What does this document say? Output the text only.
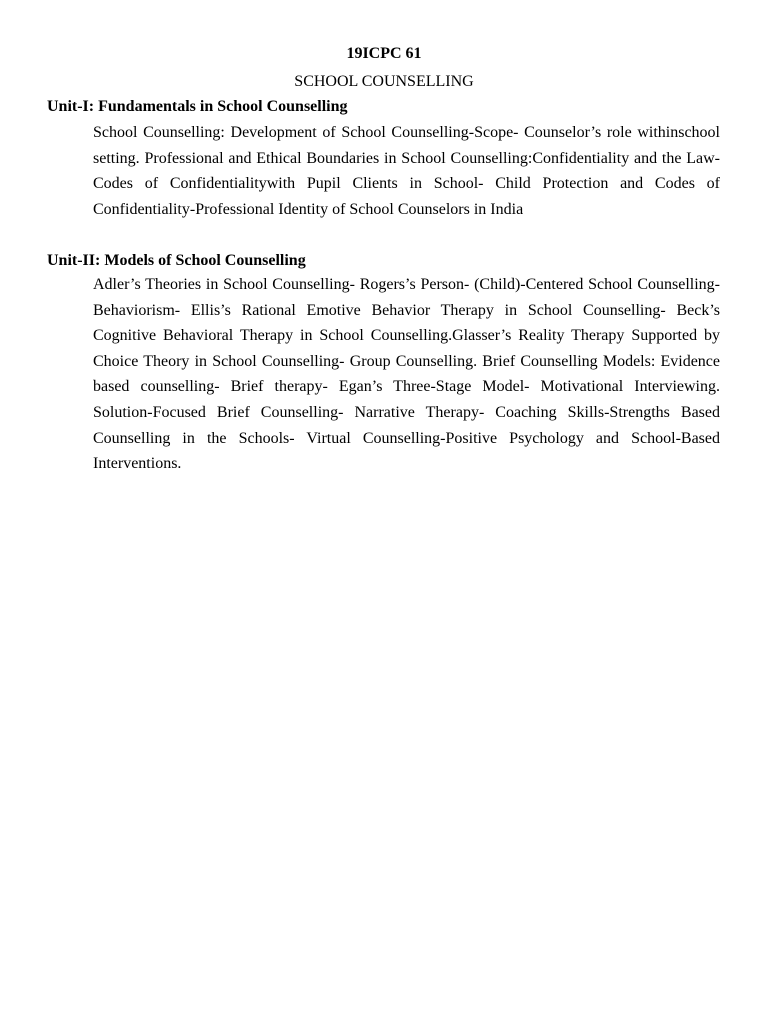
19ICPC 61
SCHOOL COUNSELLING
Unit-I: Fundamentals in School Counselling

School Counselling: Development of School Counselling-Scope- Counselor’s role withinschool setting. Professional and Ethical Boundaries in School Counselling:Confidentiality and the Law- Codes of Confidentialitywith Pupil Clients in School- Child Protection and Codes of Confidentiality-Professional Identity of School Counselors in India

Unit-II: Models of School Counselling

Adler’s Theories in School Counselling- Rogers’s Person- (Child)-Centered School Counselling- Behaviorism- Ellis’s Rational Emotive Behavior Therapy in School Counselling- Beck’s Cognitive Behavioral Therapy in School Counselling.Glasser’s Reality Therapy Supported by Choice Theory in School Counselling- Group Counselling. Brief Counselling Models: Evidence based counselling- Brief therapy- Egan’s Three-Stage Model- Motivational Interviewing. Solution-Focused Brief Counselling- Narrative Therapy- Coaching Skills-Strengths Based Counselling in the Schools- Virtual Counselling-Positive Psychology and School-Based Interventions.
